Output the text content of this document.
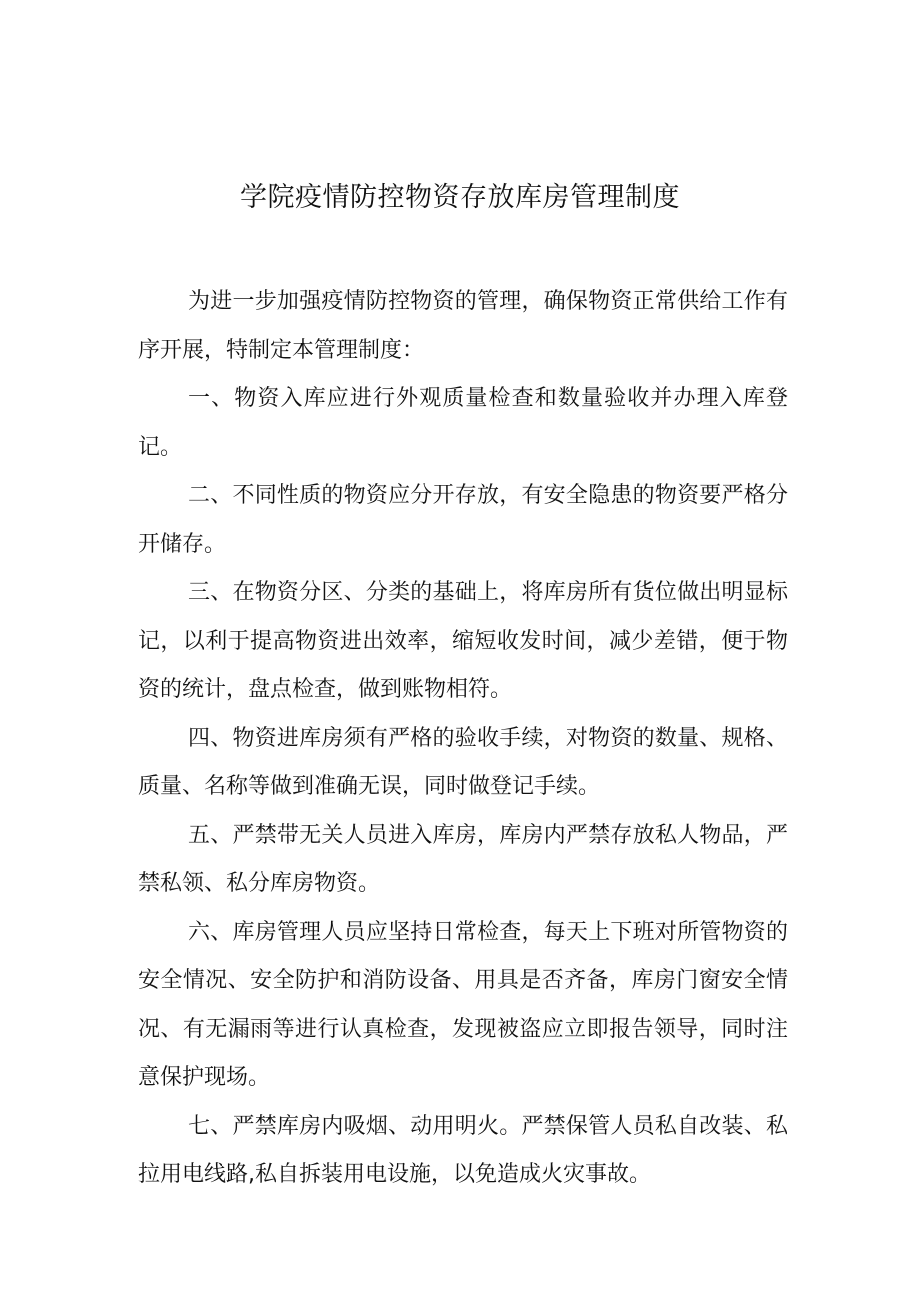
学院疫情防控物资存放库房管理制度

为进一步加强疫情防控物资的管理，确保物资正常供给工作有序开展，特制定本管理制度：

一、物资入库应进行外观质量检查和数量验收并办理入库登记。

二、不同性质的物资应分开存放，有安全隐患的物资要严格分开储存。

三、在物资分区、分类的基础上，将库房所有货位做出明显标记，以利于提高物资进出效率，缩短收发时间，减少差错，便于物资的统计，盘点检查，做到账物相符。

四、物资进库房须有严格的验收手续，对物资的数量、规格、质量、名称等做到准确无误，同时做登记手续。

五、严禁带无关人员进入库房，库房内严禁存放私人物品，严禁私领、私分库房物资。

六、库房管理人员应坚持日常检查，每天上下班对所管物资的安全情况、安全防护和消防设备、用具是否齐备，库房门窗安全情况、有无漏雨等进行认真检查，发现被盗应立即报告领导，同时注意保护现场。

七、严禁库房内吸烟、动用明火。严禁保管人员私自改装、私拉用电线路,私自拆装用电设施，以免造成火灾事故。
